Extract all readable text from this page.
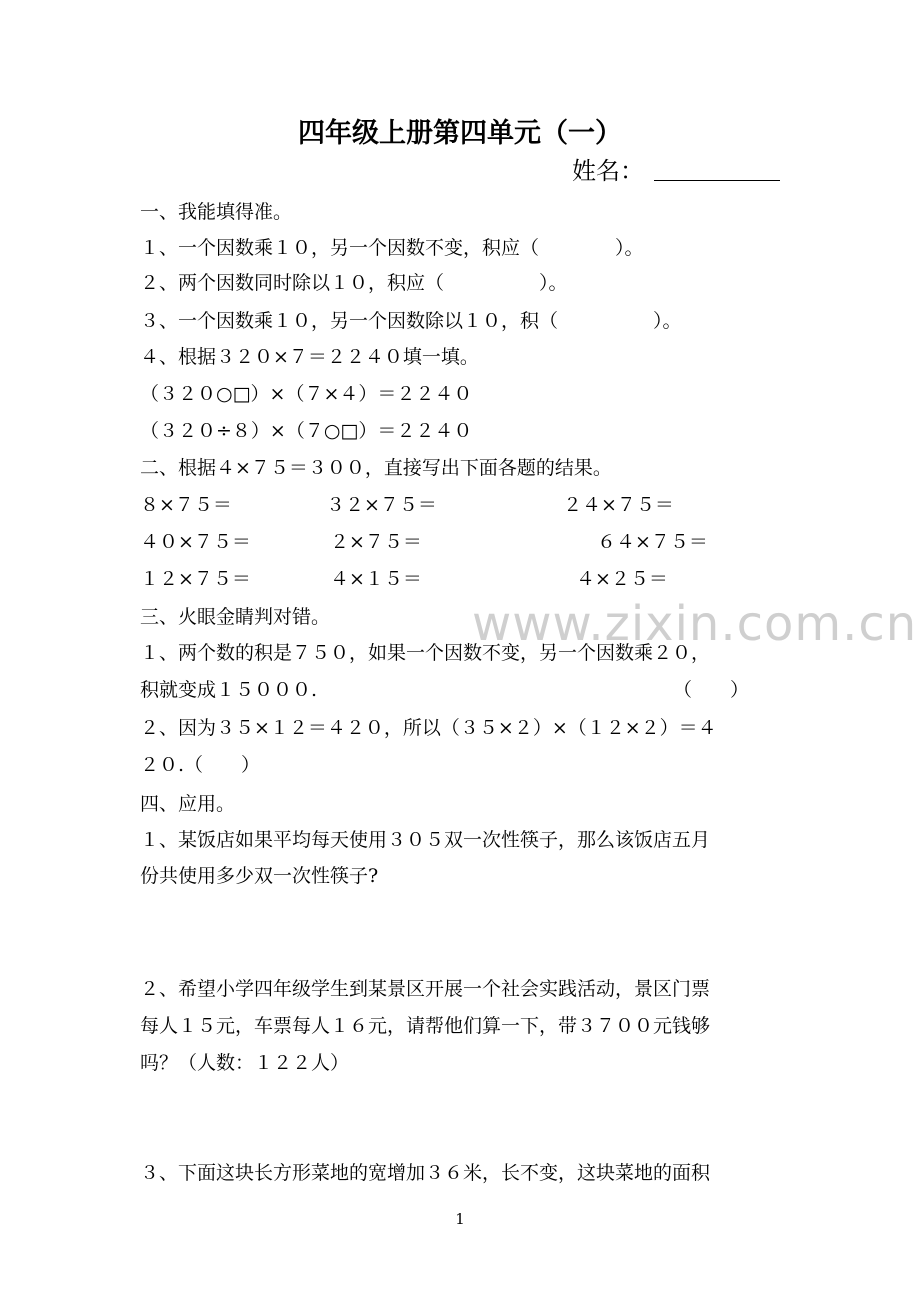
四年级上册第四单元（一）
姓名：
一、我能填得准。
１、一个因数乘１０，另一个因数不变，积应（　　　　）。
２、两个因数同时除以１０，积应（　　　　　）。
３、一个因数乘１０，另一个因数除以１０，积（　　　　　）。
４、根据３２０×７＝２２４０填一填。
（３２０○□）×（７×４）＝２２４０
（３２０÷８）×（７○□）＝２２４０
二、根据４×７５＝３００，直接写出下面各题的结果。
８×７５＝	３２×７５＝	２４×７５＝
４０×７５＝	２×７５＝	６４×７５＝
１２×７５＝	４×１５＝	４×２５＝
三、火眼金睛判对错。
１、两个数的积是７５０，如果一个因数不变，另一个因数乘２０，
积就变成１５０００.	（　　）
２、因为３５×１２＝４２０，所以（３５×２）×（１２×２）＝４
２０.（　　）
四、应用。
１、某饭店如果平均每天使用３０５双一次性筷子，那么该饭店五月
份共使用多少双一次性筷子?
２、希望小学四年级学生到某景区开展一个社会实践活动，景区门票
每人１５元，车票每人１６元，请帮他们算一下，带３７００元钱够
吗？（人数：１２２人）
３、下面这块长方形菜地的宽增加３６米，长不变，这块菜地的面积
www.zixin.com.cn
1
